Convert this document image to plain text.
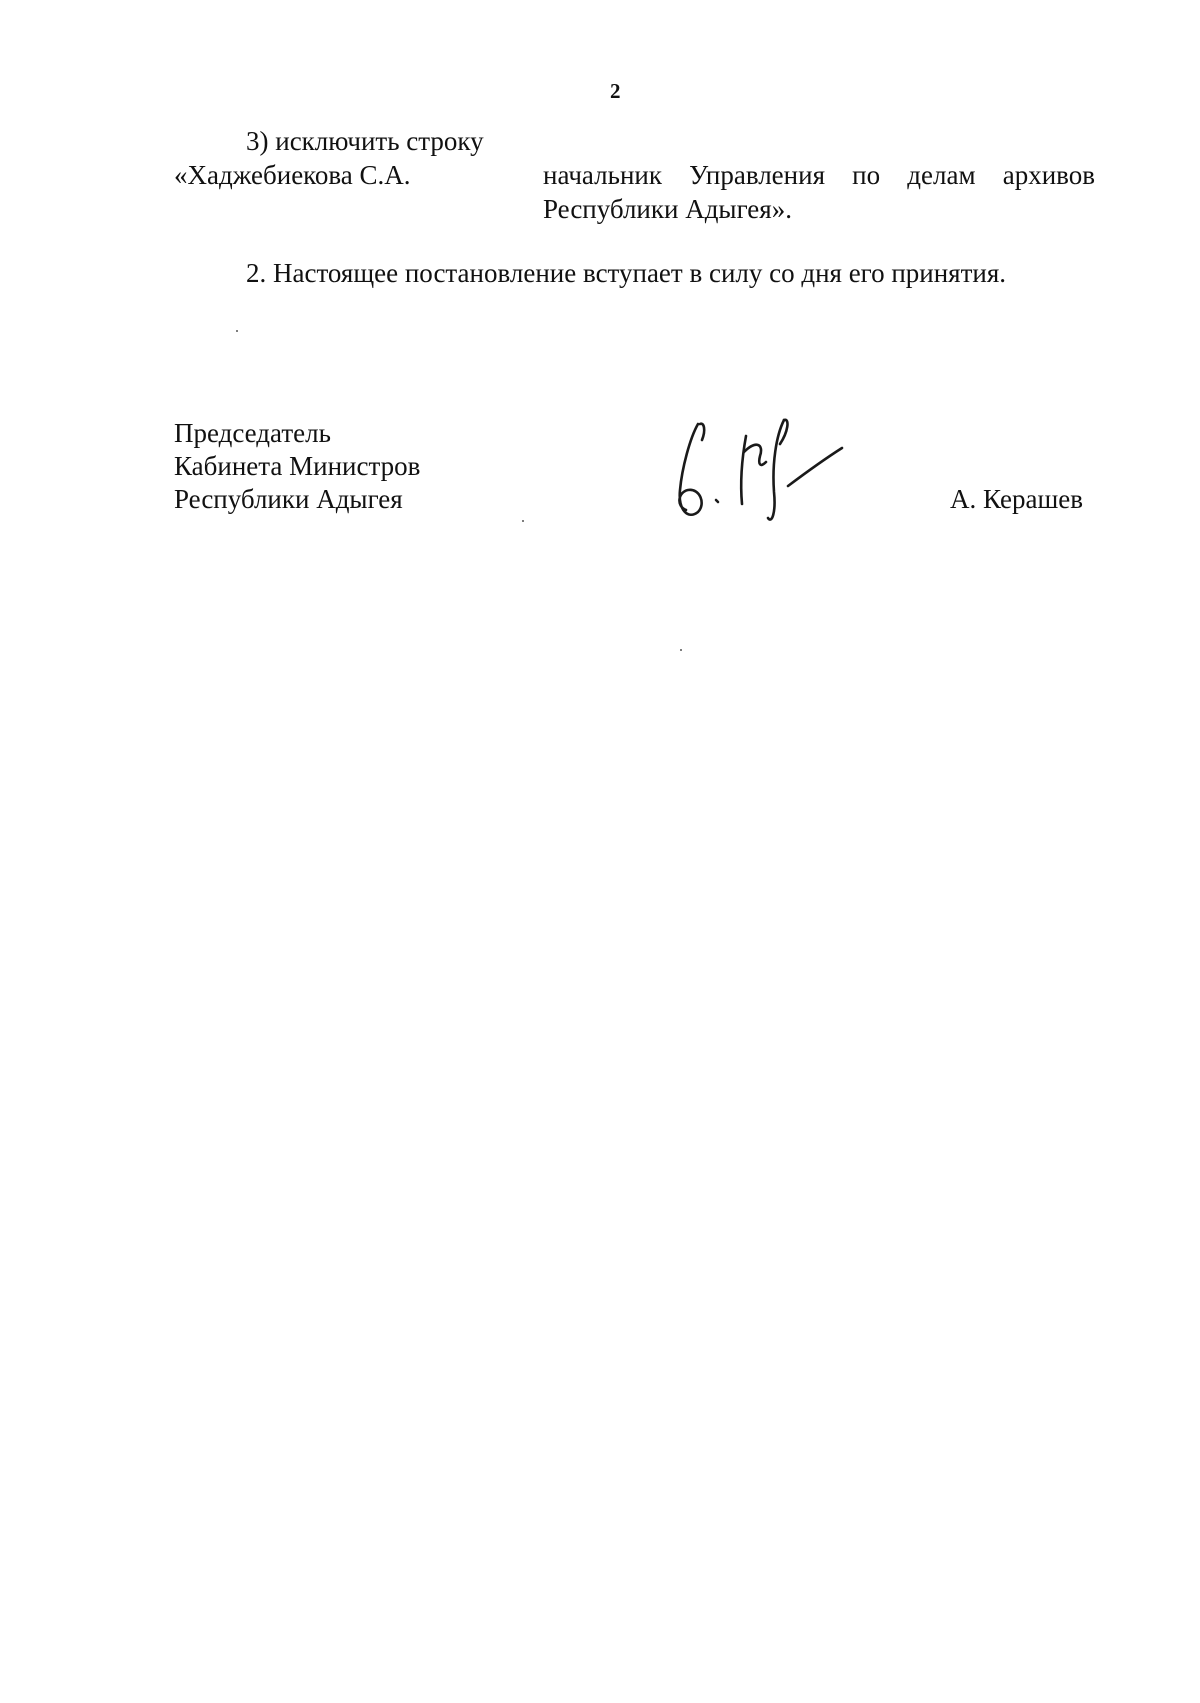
2
3) исключить строку
«Хаджебиекова С.А.	начальник Управления по делам архивов
Республики Адыгея».
2. Настоящее постановление вступает в силу со дня его принятия.
Председатель
Кабинета Министров
Республики Адыгея	А. Керашев
